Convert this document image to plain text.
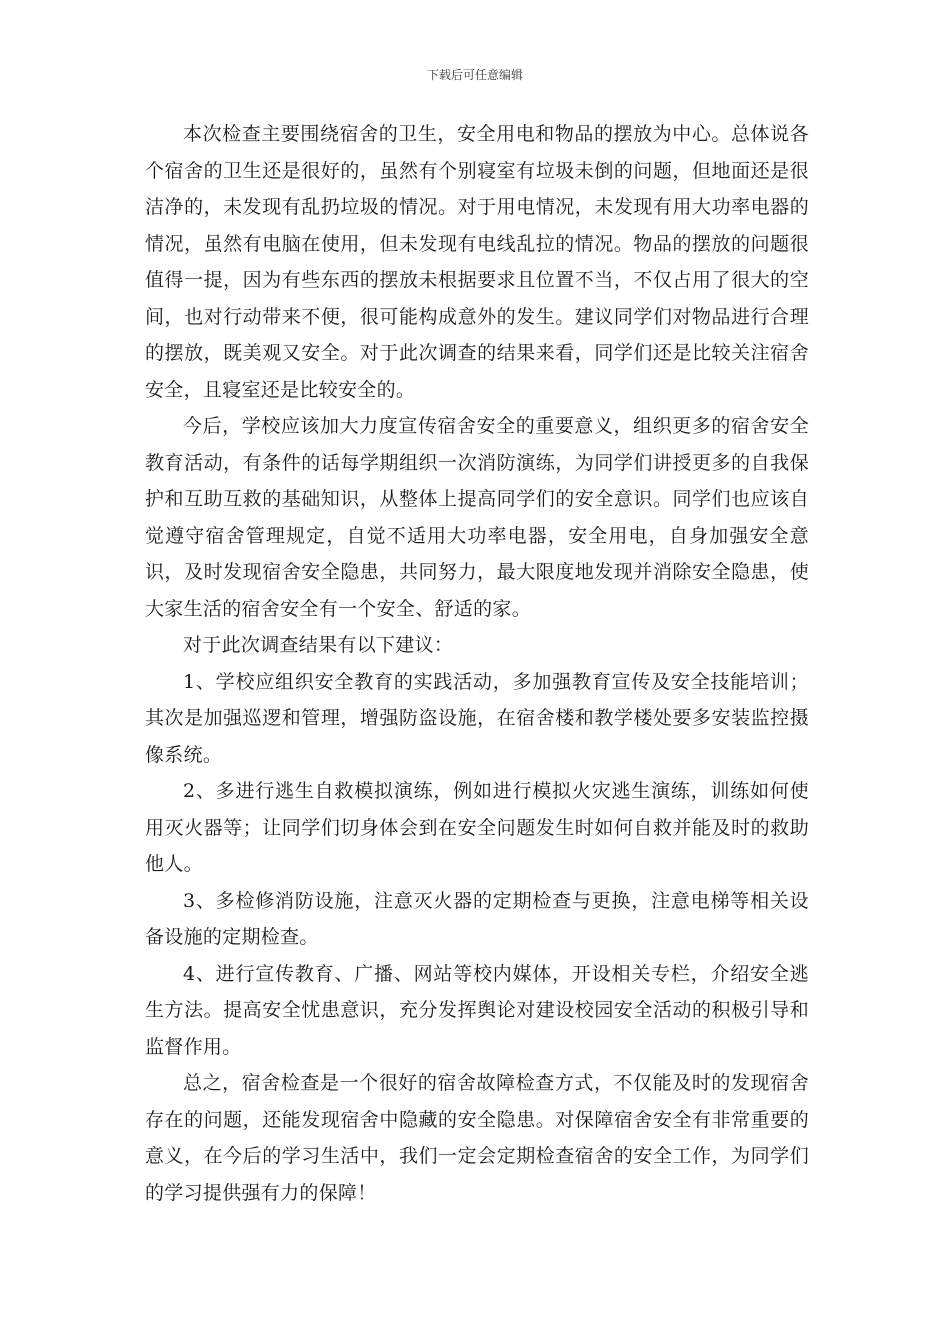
下载后可任意编辑

本次检查主要围绕宿舍的卫生，安全用电和物品的摆放为中心。总体说各个宿舍的卫生还是很好的，虽然有个别寝室有垃圾未倒的问题，但地面还是很洁净的，未发现有乱扔垃圾的情况。对于用电情况，未发现有用大功率电器的情况，虽然有电脑在使用，但未发现有电线乱拉的情况。物品的摆放的问题很值得一提，因为有些东西的摆放未根据要求且位置不当，不仅占用了很大的空间，也对行动带来不便，很可能构成意外的发生。建议同学们对物品进行合理的摆放，既美观又安全。对于此次调查的结果来看，同学们还是比较关注宿舍安全，且寝室还是比较安全的。

今后，学校应该加大力度宣传宿舍安全的重要意义，组织更多的宿舍安全教育活动，有条件的话每学期组织一次消防演练，为同学们讲授更多的自我保护和互助互救的基础知识，从整体上提高同学们的安全意识。同学们也应该自觉遵守宿舍管理规定，自觉不适用大功率电器，安全用电，自身加强安全意识，及时发现宿舍安全隐患，共同努力，最大限度地发现并消除安全隐患，使大家生活的宿舍安全有一个安全、舒适的家。

对于此次调查结果有以下建议：

1、学校应组织安全教育的实践活动，多加强教育宣传及安全技能培训；其次是加强巡逻和管理，增强防盗设施，在宿舍楼和教学楼处要多安装监控摄像系统。

2、多进行逃生自救模拟演练，例如进行模拟火灾逃生演练，训练如何使用灭火器等；让同学们切身体会到在安全问题发生时如何自救并能及时的救助他人。

3、多检修消防设施，注意灭火器的定期检查与更换，注意电梯等相关设备设施的定期检查。

4、进行宣传教育、广播、网站等校内媒体，开设相关专栏，介绍安全逃生方法。提高安全忧患意识，充分发挥舆论对建设校园安全活动的积极引导和监督作用。

总之，宿舍检查是一个很好的宿舍故障检查方式，不仅能及时的发现宿舍存在的问题，还能发现宿舍中隐藏的安全隐患。对保障宿舍安全有非常重要的意义，在今后的学习生活中，我们一定会定期检查宿舍的安全工作，为同学们的学习提供强有力的保障！
